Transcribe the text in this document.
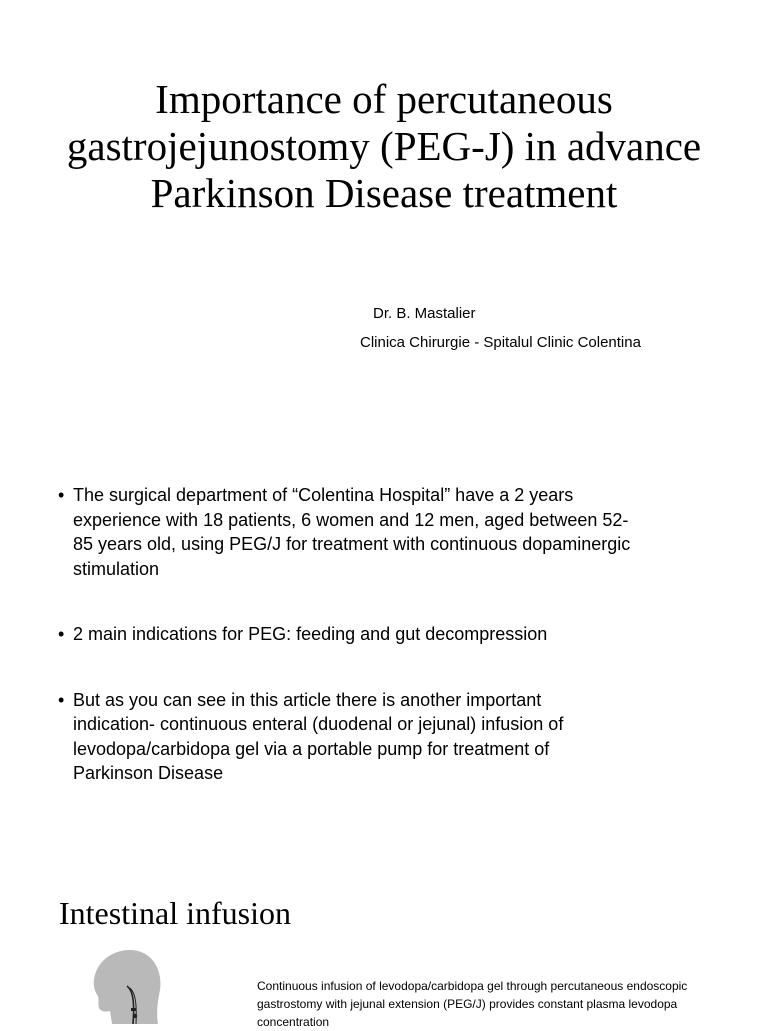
Importance of percutaneous
gastrojejunostomy (PEG-J) in advance
Parkinson Disease treatment

Dr. B. Mastalier

Clinica Chirurgie - Spitalul Clinic Colentina

• The surgical department of “Colentina Hospital” have a 2 years
experience with 18 patients, 6 women and 12 men, aged between 52-
85 years old, using PEG/J for treatment with continuous dopaminergic
stimulation
• 2 main indications for PEG: feeding and gut decompression
• But as you can see in this article there is another important
indication- continuous enteral (duodenal or jejunal) infusion of
levodopa/carbidopa gel via a portable pump for treatment of
Parkinson Disease
Intestinal infusion

Continuous infusion of levodopa/carbidopa gel through percutaneous endoscopic
gastrostomy with jejunal extension (PEG/J) provides constant plasma levodopa
concentration
